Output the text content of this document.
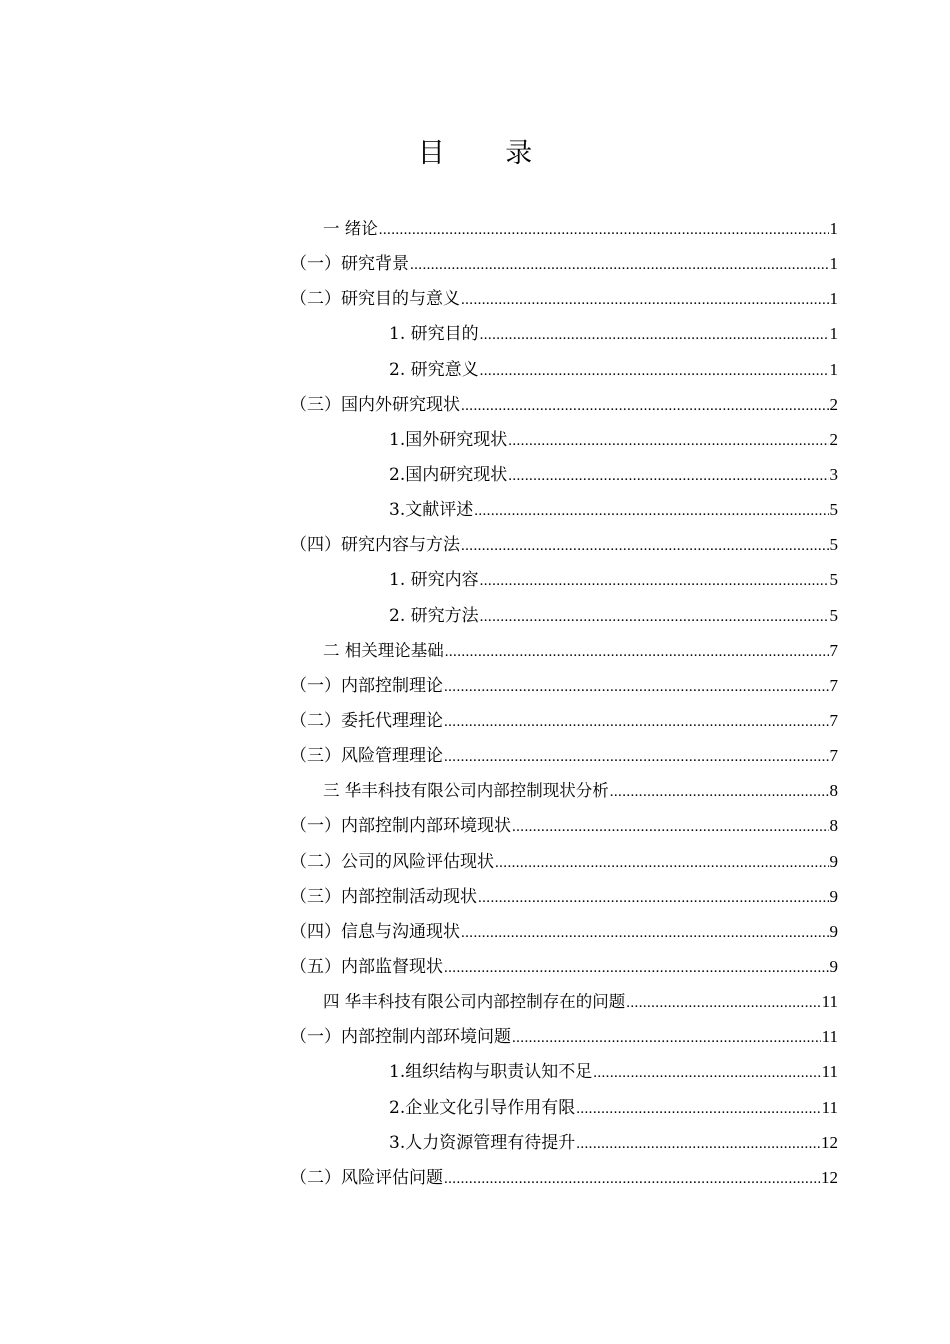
目 录
一 绪论 .....	1
（一）研究背景 .....	1
（二）研究目的与意义 .....	1
1. 研究目的 .....	1
2. 研究意义 .....	1
（三）国内外研究现状 .....	2
1.国外研究现状 .....	2
2.国内研究现状 .....	3
3.文献评述 .....	5
（四）研究内容与方法 .....	5
1. 研究内容 .....	5
2. 研究方法 .....	5
二 相关理论基础 .....	7
（一）内部控制理论 .....	7
（二）委托代理理论 .....	7
（三）风险管理理论 .....	7
三 华丰科技有限公司内部控制现状分析 .....	8
（一）内部控制内部环境现状 .....	8
（二）公司的风险评估现状 .....	9
（三）内部控制活动现状 .....	9
（四）信息与沟通现状 .....	9
（五）内部监督现状 .....	9
四 华丰科技有限公司内部控制存在的问题 .....	11
（一）内部控制内部环境问题 .....	11
1.组织结构与职责认知不足 .....	11
2.企业文化引导作用有限 .....	11
3.人力资源管理有待提升 .....	12
（二）风险评估问题 .....	12
